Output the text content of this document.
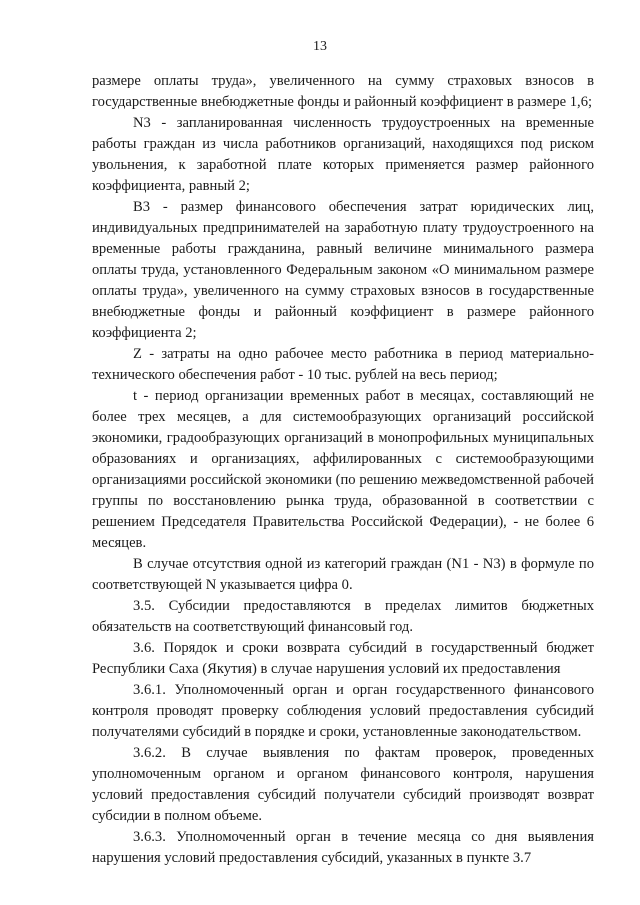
13

размере оплаты труда», увеличенного на сумму страховых взносов в государственные внебюджетные фонды и районный коэффициент в размере 1,6;

N3 - запланированная численность трудоустроенных на временные работы граждан из числа работников организаций, находящихся под риском увольнения, к заработной плате которых применяется размер районного коэффициента, равный 2;

В3 - размер финансового обеспечения затрат юридических лиц, индивидуальных предпринимателей на заработную плату трудоустроенного на временные работы гражданина, равный величине минимального размера оплаты труда, установленного Федеральным законом «О минимальном размере оплаты труда», увеличенного на сумму страховых взносов в государственные внебюджетные фонды и районный коэффициент в размере районного коэффициента 2;

Z - затраты на одно рабочее место работника в период материально-технического обеспечения работ - 10 тыс. рублей на весь период;

t - период организации временных работ в месяцах, составляющий не более трех месяцев, а для системообразующих организаций российской экономики, градообразующих организаций в монопрофильных муниципальных образованиях и организациях, аффилированных с системообразующими организациями российской экономики (по решению межведомственной рабочей группы по восстановлению рынка труда, образованной в соответствии с решением Председателя Правительства Российской Федерации), - не более 6 месяцев.

В случае отсутствия одной из категорий граждан (N1 - N3) в формуле по соответствующей N указывается цифра 0.

3.5. Субсидии предоставляются в пределах лимитов бюджетных обязательств на соответствующий финансовый год.

3.6. Порядок и сроки возврата субсидий в государственный бюджет Республики Саха (Якутия) в случае нарушения условий их предоставления

3.6.1. Уполномоченный орган и орган государственного финансового контроля проводят проверку соблюдения условий предоставления субсидий получателями субсидий в порядке и сроки, установленные законодательством.

3.6.2. В случае выявления по фактам проверок, проведенных уполномоченным органом и органом финансового контроля, нарушения условий предоставления субсидий получатели субсидий производят возврат субсидии в полном объеме.

3.6.3. Уполномоченный орган в течение месяца со дня выявления нарушения условий предоставления субсидий, указанных в пункте 3.7
